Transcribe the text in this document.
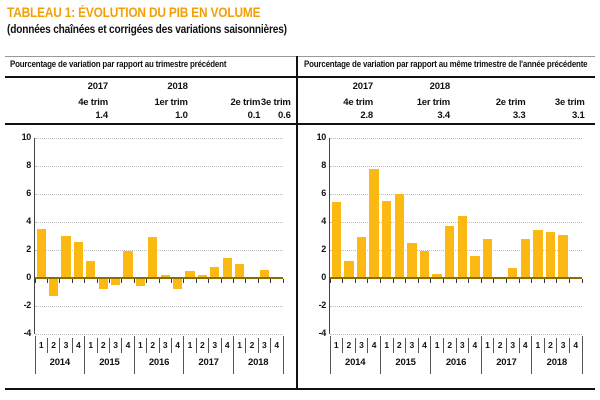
TABLEAU 1: ÉVOLUTION DU PIB EN VOLUME
(données chaînées et corrigées des variations saisonnières)
Pourcentage de variation par rapport au trimestre précédent
2017	2018
4e trim	1er trim	2e trim 3e trim
1.4	1.0	0.1 0.6
Pourcentage de variation par rapport au même trimestre de l'année précédente
2017	2018
4e trim	1er trim	2e trim	3e trim
2.8	3.4	3.3	3.1
10
8
6
4
2
0
-2
-4
1 2 3 4
2014
1 2 3 4
2015
1 2 3 4
2016
1 2 3 4
2017
1 2 3 4
2018
10
8
6
4
2
0
-2
-4
1 2 3 4
2014
1 2 3 4
2015
1 2 3 4
2016
1 2 3 4
2017
1 2 3 4
2018
